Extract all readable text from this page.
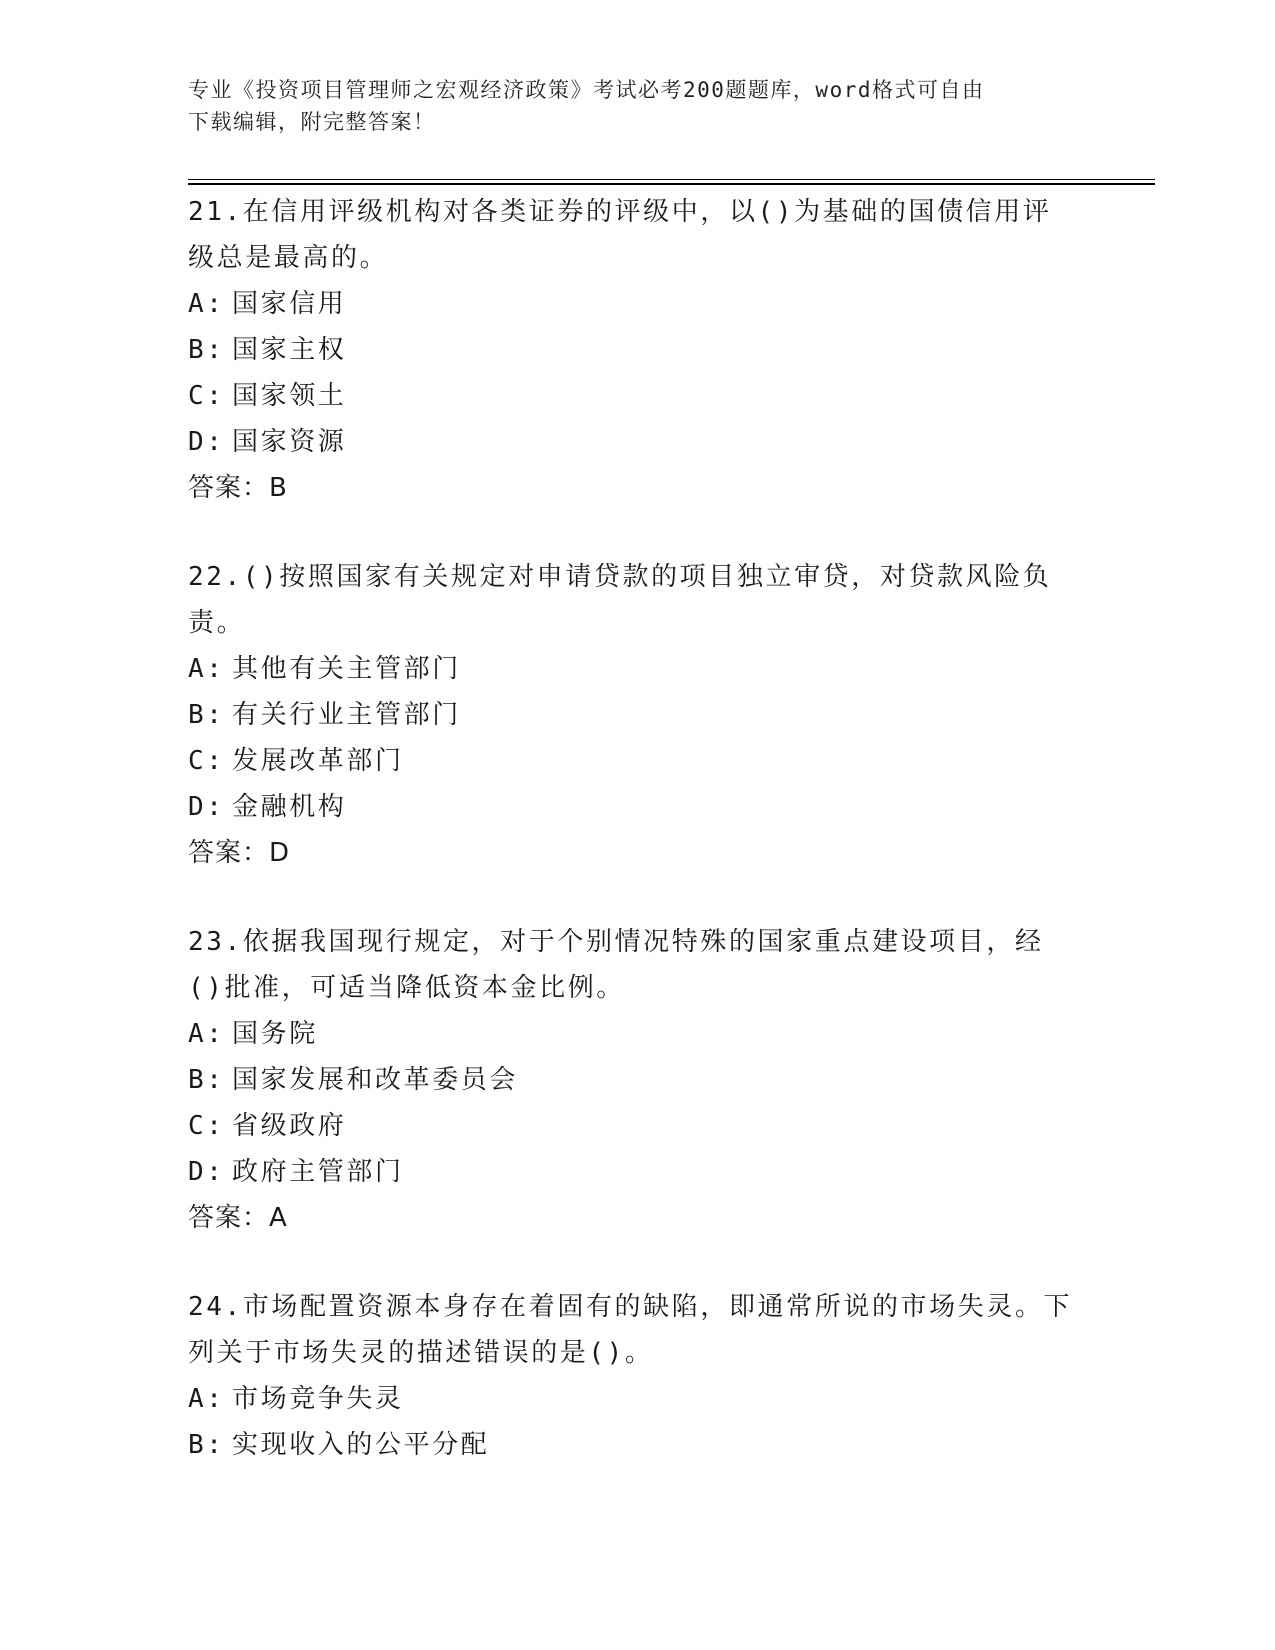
专业《投资项目管理师之宏观经济政策》考试必考200题题库，word格式可自由
下载编辑，附完整答案！

21.在信用评级机构对各类证券的评级中，以()为基础的国债信用评级总是最高的。

A: 国家信用

B: 国家主权

C: 国家领土

D: 国家资源

答案：B

22.()按照国家有关规定对申请贷款的项目独立审贷，对贷款风险负责。

A: 其他有关主管部门

B: 有关行业主管部门

C: 发展改革部门

D: 金融机构

答案：D

23.依据我国现行规定，对于个别情况特殊的国家重点建设项目，经()批准，可适当降低资本金比例。

A: 国务院

B: 国家发展和改革委员会

C: 省级政府

D: 政府主管部门

答案：A

24.市场配置资源本身存在着固有的缺陷，即通常所说的市场失灵。下列关于市场失灵的描述错误的是()。

A: 市场竞争失灵

B: 实现收入的公平分配
